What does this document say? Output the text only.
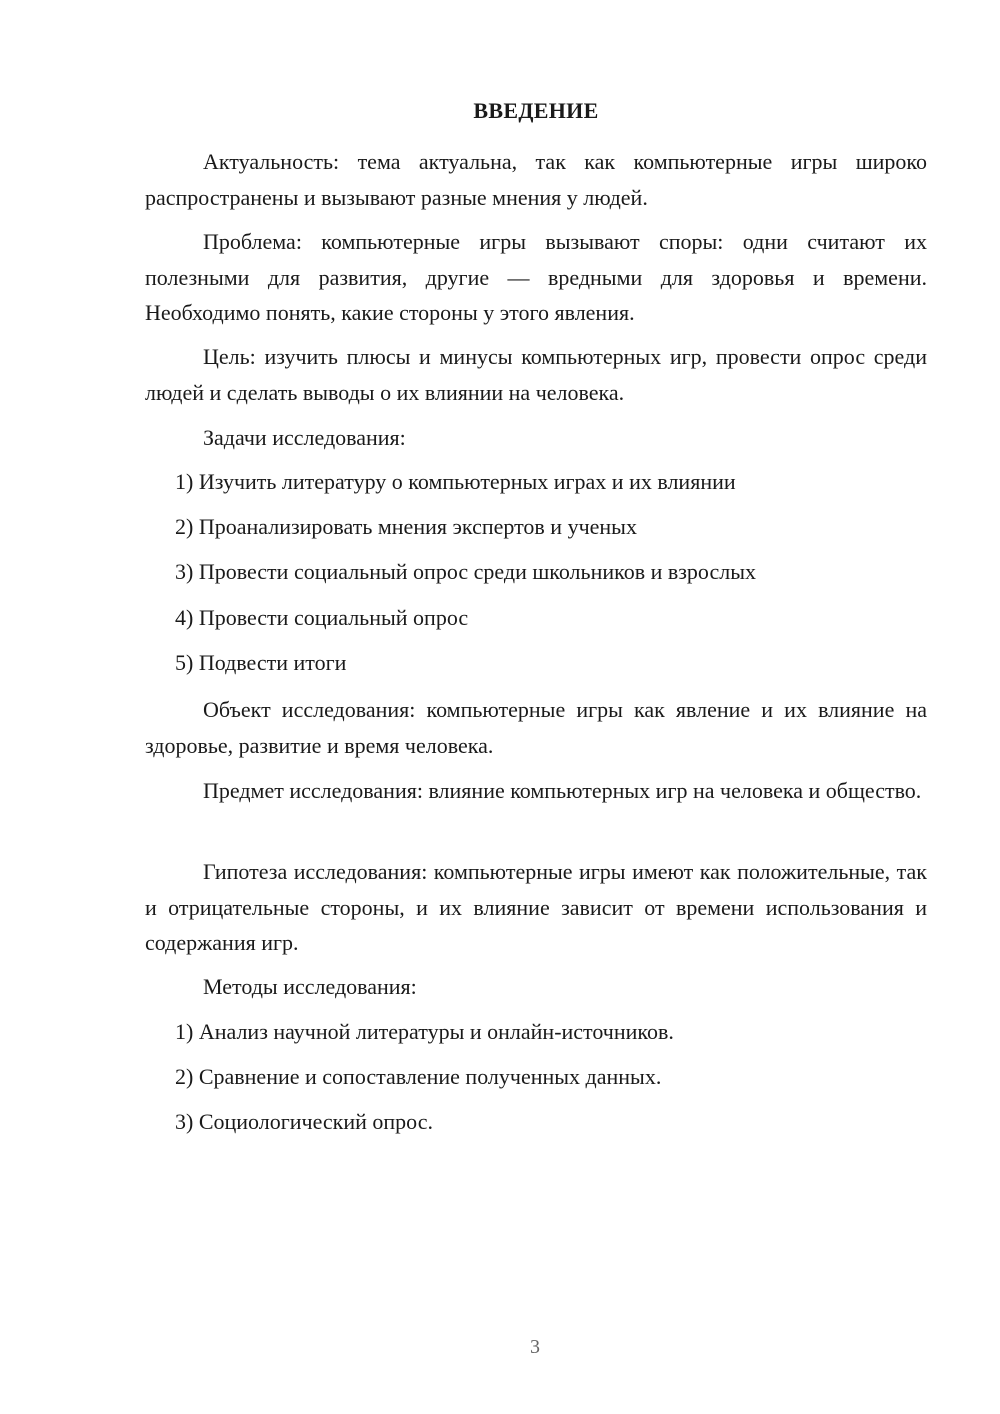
ВВЕДЕНИЕ

Актуальность: тема актуальна, так как компьютерные игры широко распространены и вызывают разные мнения у людей.

Проблема: компьютерные игры вызывают споры: одни считают их полезными для развития, другие — вредными для здоровья и времени. Необходимо понять, какие стороны у этого явления.

Цель: изучить плюсы и минусы компьютерных игр, провести опрос среди людей и сделать выводы о их влиянии на человека.

Задачи исследования:

1) Изучить литературу о компьютерных играх и их влиянии

2) Проанализировать мнения экспертов и ученых

3) Провести социальный опрос среди школьников и взрослых

4) Провести социальный опрос

5) Подвести итоги

Объект исследования: компьютерные игры как явление и их влияние на здоровье, развитие и время человека.

Предмет исследования: влияние компьютерных игр на человека и общество.

Гипотеза исследования: компьютерные игры имеют как положительные, так и отрицательные стороны, и их влияние зависит от времени использования и содержания игр.

Методы исследования:

1) Анализ научной литературы и онлайн-источников.

2) Сравнение и сопоставление полученных данных.

3) Социологический опрос.

3
